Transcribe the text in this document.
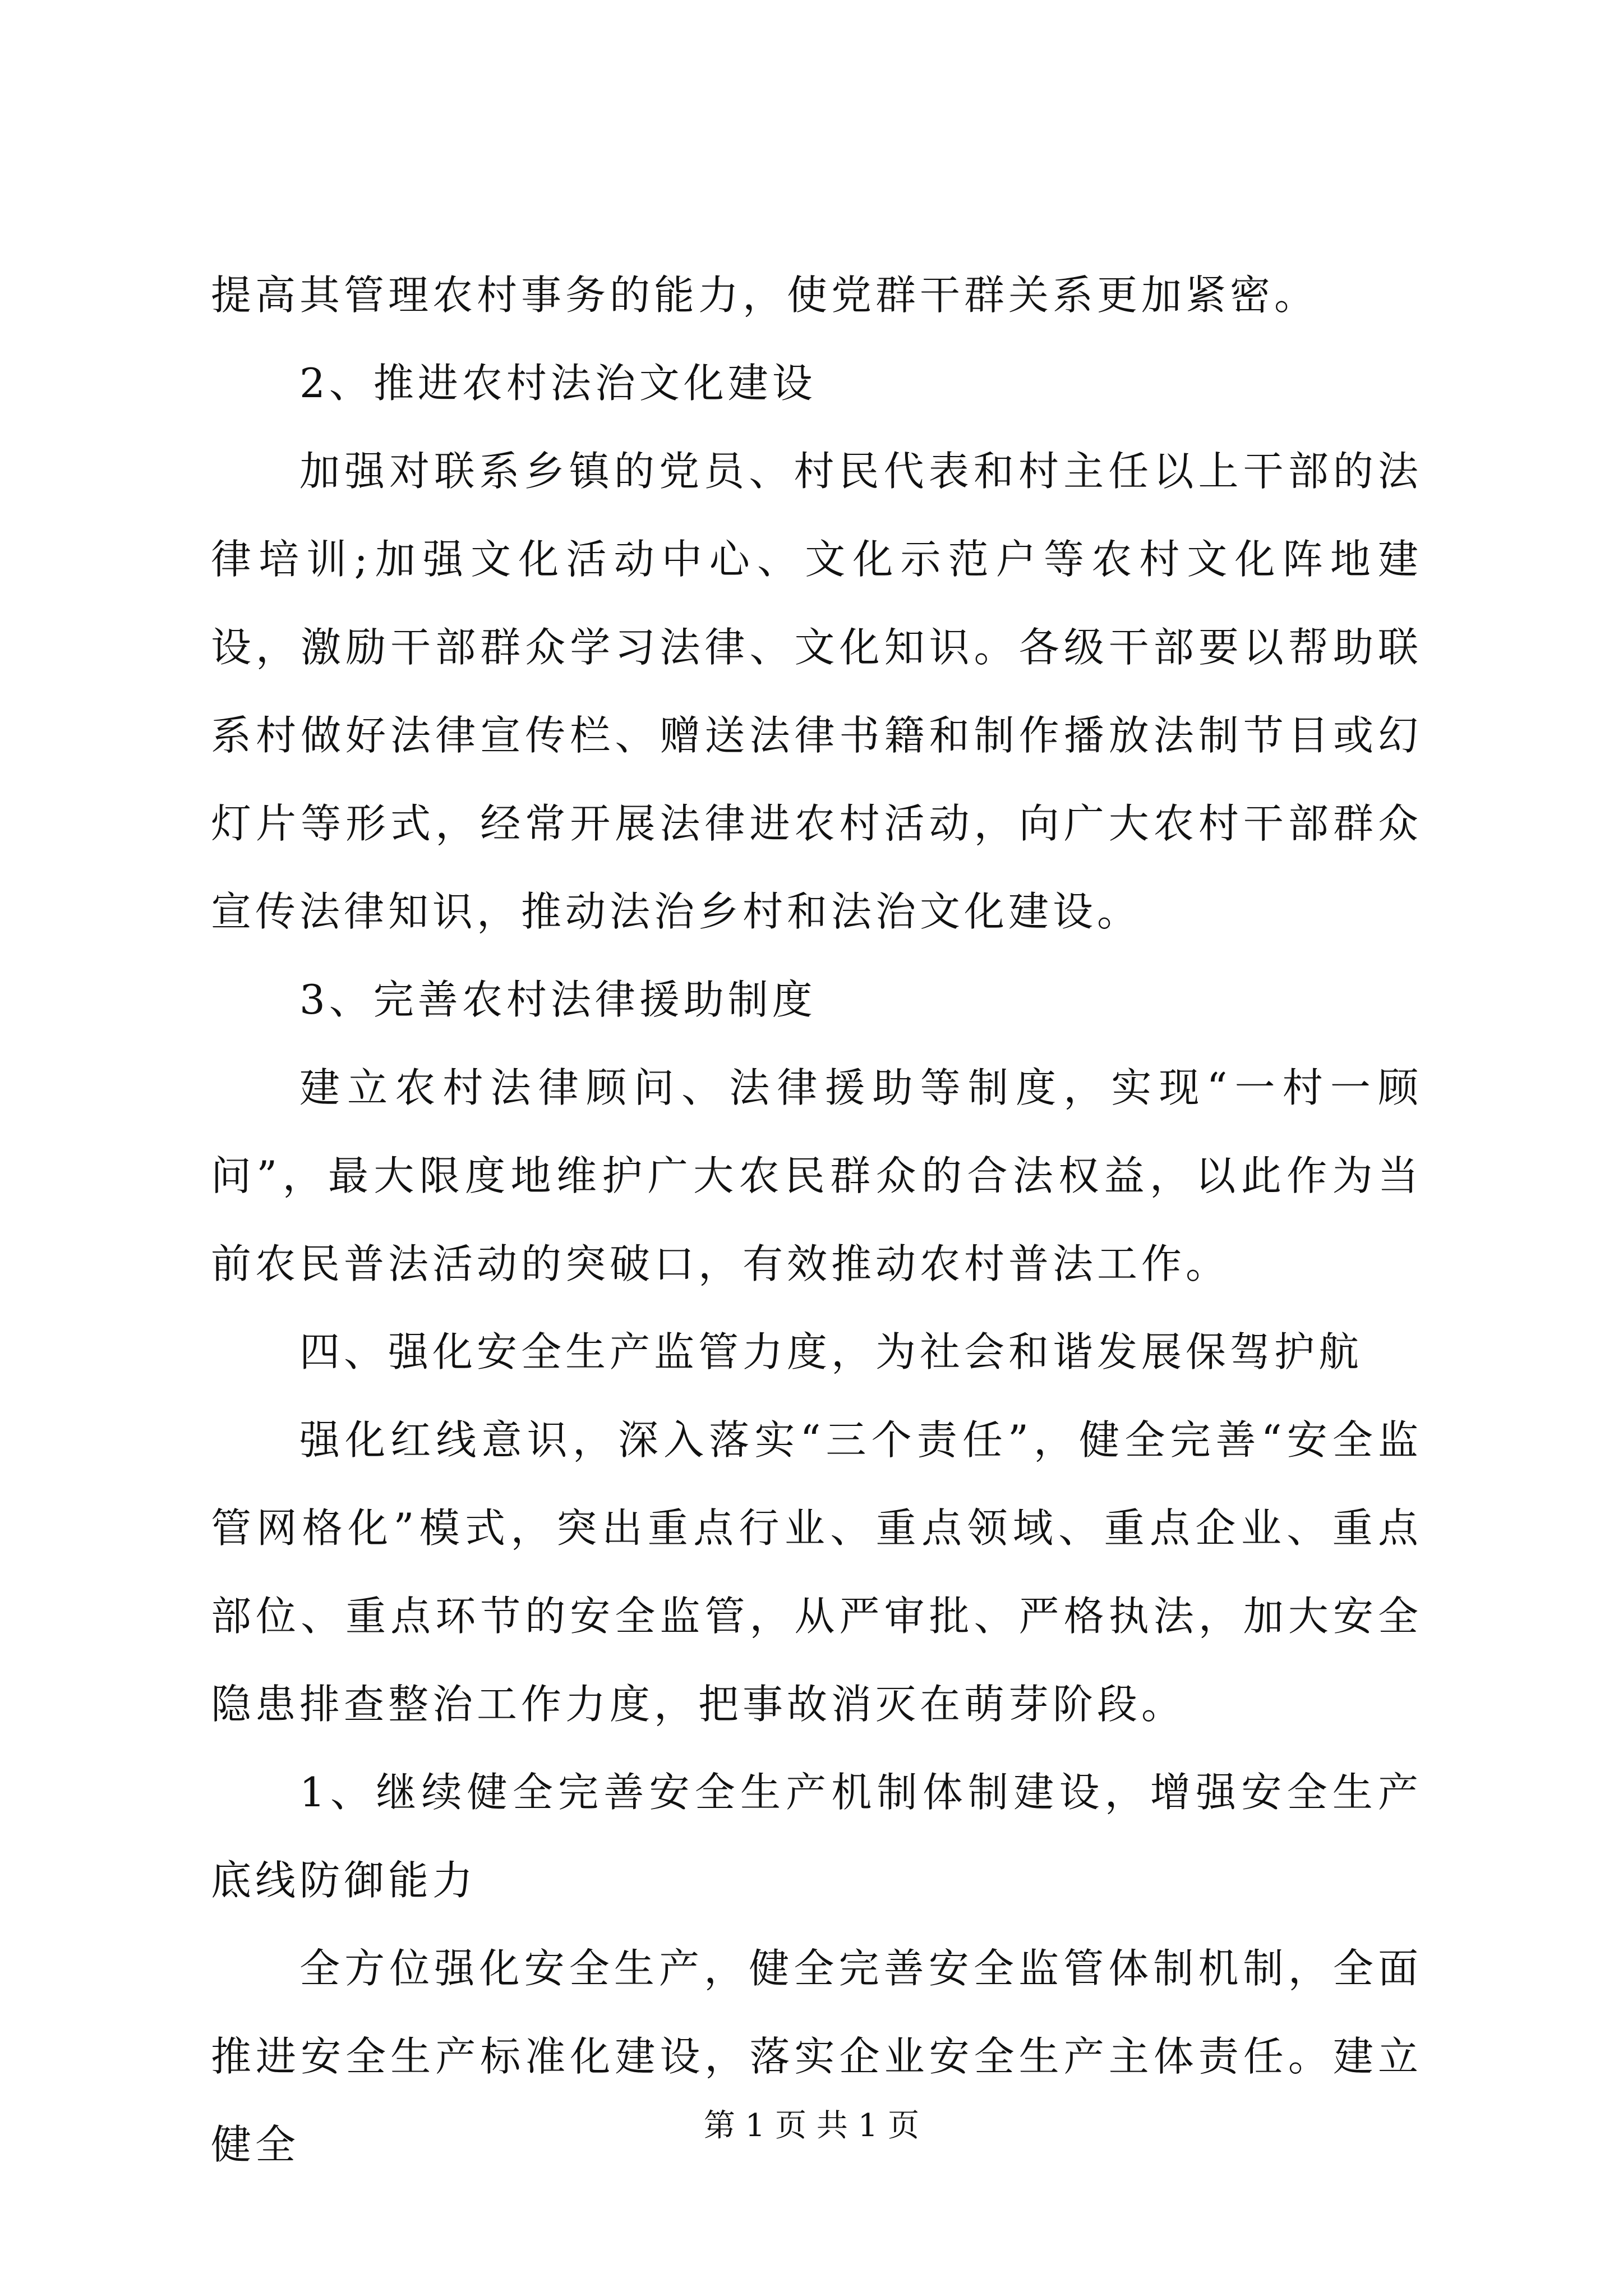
提高其管理农村事务的能力，使党群干群关系更加紧密。

2、推进农村法治文化建设

加强对联系乡镇的党员、村民代表和村主任以上干部的法律培训;加强文化活动中心、文化示范户等农村文化阵地建设，激励干部群众学习法律、文化知识。各级干部要以帮助联系村做好法律宣传栏、赠送法律书籍和制作播放法制节目或幻灯片等形式，经常开展法律进农村活动，向广大农村干部群众宣传法律知识，推动法治乡村和法治文化建设。

3、完善农村法律援助制度

建立农村法律顾问、法律援助等制度，实现“一村一顾问”，最大限度地维护广大农民群众的合法权益，以此作为当前农民普法活动的突破口，有效推动农村普法工作。

四、强化安全生产监管力度，为社会和谐发展保驾护航

强化红线意识，深入落实“三个责任”，健全完善“安全监管网格化”模式，突出重点行业、重点领域、重点企业、重点部位、重点环节的安全监管，从严审批、严格执法，加大安全隐患排查整治工作力度，把事故消灭在萌芽阶段。

1、继续健全完善安全生产机制体制建设，增强安全生产底线防御能力

全方位强化安全生产，健全完善安全监管体制机制，全面推进安全生产标准化建设，落实企业安全生产主体责任。建立健全	第 1 页 共 1 页
